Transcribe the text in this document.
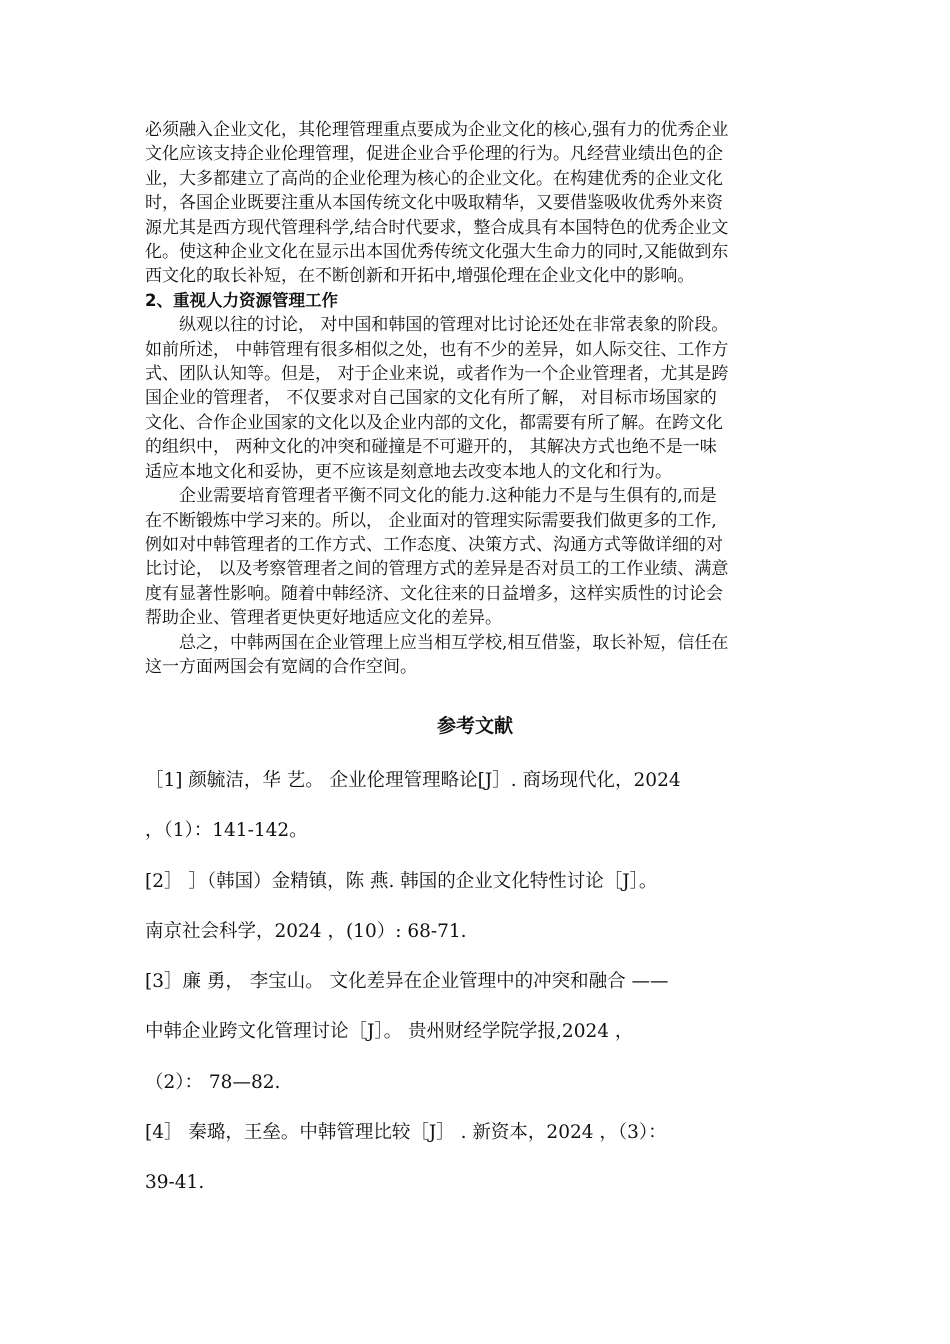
必须融入企业文化，其伦理管理重点要成为企业文化的核心,强有力的优秀企业
文化应该支持企业伦理管理，促进企业合乎伦理的行为。凡经营业绩出色的企
业，大多都建立了高尚的企业伦理为核心的企业文化。在构建优秀的企业文化
时，各国企业既要注重从本国传统文化中吸取精华，又要借鉴吸收优秀外来资
源尤其是西方现代管理科学,结合时代要求，整合成具有本国特色的优秀企业文
化。使这种企业文化在显示出本国优秀传统文化强大生命力的同时,又能做到东
西文化的取长补短，在不断创新和开拓中,增强伦理在企业文化中的影响。
2、重视人力资源管理工作
纵观以往的讨论， 对中国和韩国的管理对比讨论还处在非常表象的阶段。
如前所述， 中韩管理有很多相似之处，也有不少的差异，如人际交往、工作方
式、团队认知等。但是， 对于企业来说，或者作为一个企业管理者，尤其是跨
国企业的管理者， 不仅要求对自己国家的文化有所了解， 对目标市场国家的
文化、合作企业国家的文化以及企业内部的文化，都需要有所了解。在跨文化
的组织中， 两种文化的冲突和碰撞是不可避开的， 其解决方式也绝不是一味
适应本地文化和妥协，更不应该是刻意地去改变本地人的文化和行为。
企业需要培育管理者平衡不同文化的能力.这种能力不是与生俱有的,而是
在不断锻炼中学习来的。所以， 企业面对的管理实际需要我们做更多的工作,
例如对中韩管理者的工作方式、工作态度、决策方式、沟通方式等做详细的对
比讨论， 以及考察管理者之间的管理方式的差异是否对员工的工作业绩、满意
度有显著性影响。随着中韩经济、文化往来的日益增多，这样实质性的讨论会
帮助企业、管理者更快更好地适应文化的差异。
总之，中韩两国在企业管理上应当相互学校,相互借鉴，取长补短，信任在
这一方面两国会有宽阔的合作空间。
参考文献
［1] 颜毓洁，华 艺。 企业伦理管理略论[J］. 商场现代化，2024
，（1）：141-142。
[2］ ］（韩国）金精镇，陈 燕. 韩国的企业文化特性讨论［J］。
南京社会科学，2024 ，(10）: 68-71.
[3］廉 勇， 李宝山。 文化差异在企业管理中的冲突和融合 ——
中韩企业跨文化管理讨论［J］。 贵州财经学院学报,2024 ，
（2）： 78—82.
[4］ 秦璐，王垒。中韩管理比较［J］ . 新资本，2024 ，（3）：
39-41.
